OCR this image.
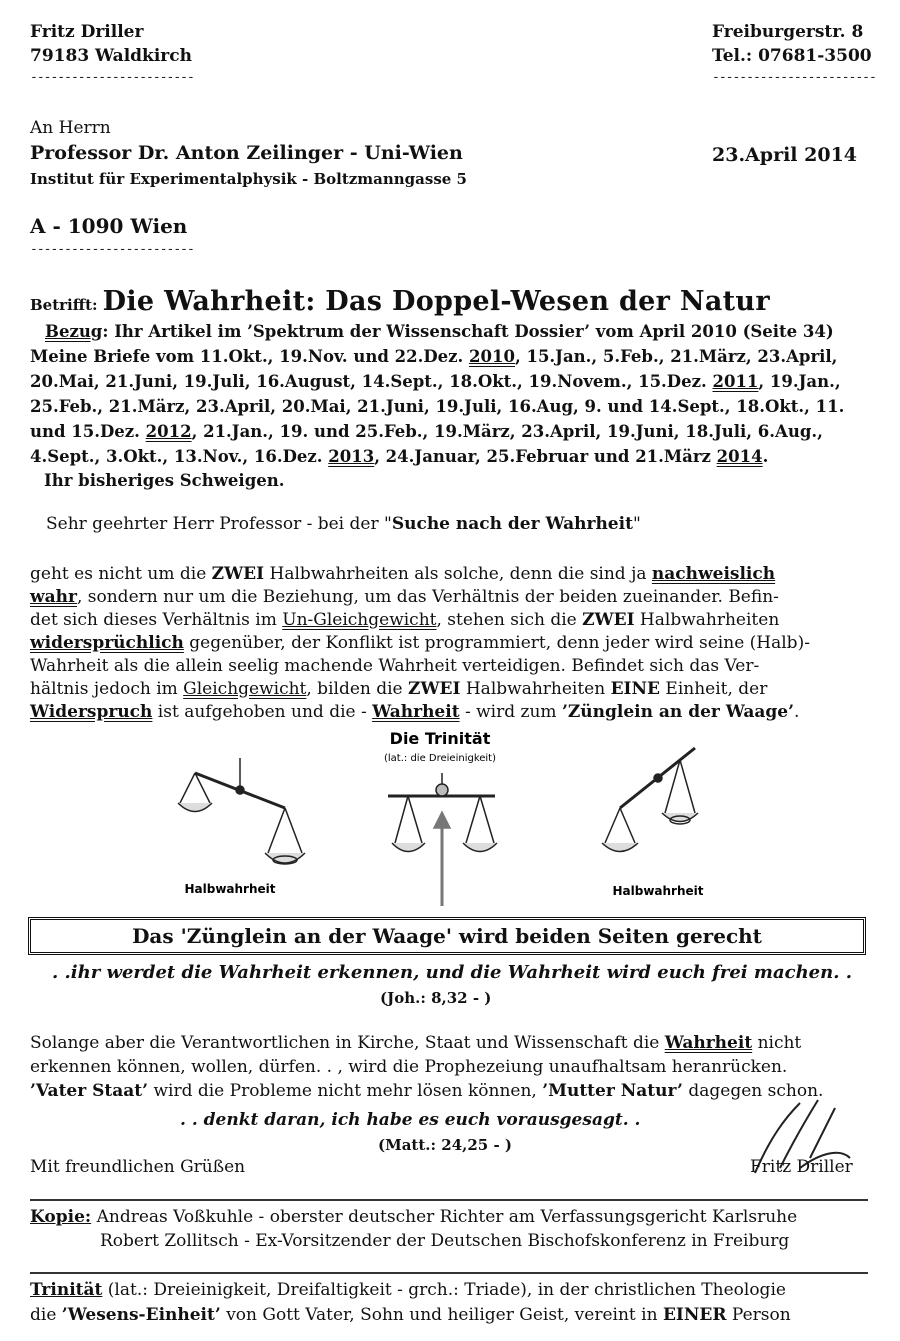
Fritz Driller
79183 Waldkirch
------------------------
Freiburgerstr. 8
Tel.: 07681-3500
------------------------
An Herrn
Professor Dr. Anton Zeilinger - Uni-Wien
Institut für Experimentalphysik - Boltzmanngasse 5
23.April 2014
A - 1090 Wien
------------------------
Betrifft: Die Wahrheit: Das Doppel-Wesen der Natur
Bezug: Ihr Artikel im ’Spektrum der Wissenschaft Dossier’ vom April 2010 (Seite 34)
Meine Briefe vom 11.Okt., 19.Nov. und 22.Dez. 2010, 15.Jan., 5.Feb., 21.März, 23.April,
20.Mai, 21.Juni, 19.Juli, 16.August, 14.Sept., 18.Okt., 19.Novem., 15.Dez. 2011, 19.Jan.,
25.Feb., 21.März, 23.April, 20.Mai, 21.Juni, 19.Juli, 16.Aug, 9. und 14.Sept., 18.Okt., 11.
und 15.Dez. 2012, 21.Jan., 19. und 25.Feb., 19.März, 23.April, 19.Juni, 18.Juli, 6.Aug.,
4.Sept., 3.Okt., 13.Nov., 16.Dez. 2013, 24.Januar, 25.Februar und 21.März 2014.
Ihr bisheriges Schweigen.
Sehr geehrter Herr Professor - bei der "Suche nach der Wahrheit"
geht es nicht um die ZWEI Halbwahrheiten als solche, denn die sind ja nachweislich
wahr, sondern nur um die Beziehung, um das Verhältnis der beiden zueinander. Befin-
det sich dieses Verhältnis im Un-Gleichgewicht, stehen sich die ZWEI Halbwahrheiten
widersprüchlich gegenüber, der Konflikt ist programmiert, denn jeder wird seine (Halb)-
Wahrheit als die allein seelig machende Wahrheit verteidigen. Befindet sich das Ver-
hältnis jedoch im Gleichgewicht, bilden die ZWEI Halbwahrheiten EINE Einheit, der
Widerspruch ist aufgehoben und die - Wahrheit - wird zum ’Zünglein an der Waage’.
Die Trinität
(lat.: die Dreieinigkeit)
Halbwahrheit	Halbwahrheit
Das 'Zünglein an der Waage' wird beiden Seiten gerecht
. .ihr werdet die Wahrheit erkennen, und die Wahrheit wird euch frei machen. .
(Joh.: 8,32 - )
Solange aber die Verantwortlichen in Kirche, Staat und Wissenschaft die Wahrheit nicht
erkennen können, wollen, dürfen. . , wird die Prophezeiung unaufhaltsam heranrücken.
’Vater Staat’ wird die Probleme nicht mehr lösen können, ’Mutter Natur’ dagegen schon.
. . denkt daran, ich habe es euch vorausgesagt. .
(Matt.: 24,25 - )
Mit freundlichen Grüßen	Fritz Driller
Kopie: Andreas Voßkuhle - oberster deutscher Richter am Verfassungsgericht Karlsruhe
Robert Zollitsch - Ex-Vorsitzender der Deutschen Bischofskonferenz in Freiburg
Trinität (lat.: Dreieinigkeit, Dreifaltigkeit - grch.: Triade), in der christlichen Theologie
die ’Wesens-Einheit’ von Gott Vater, Sohn und heiliger Geist, vereint in EINER Person
